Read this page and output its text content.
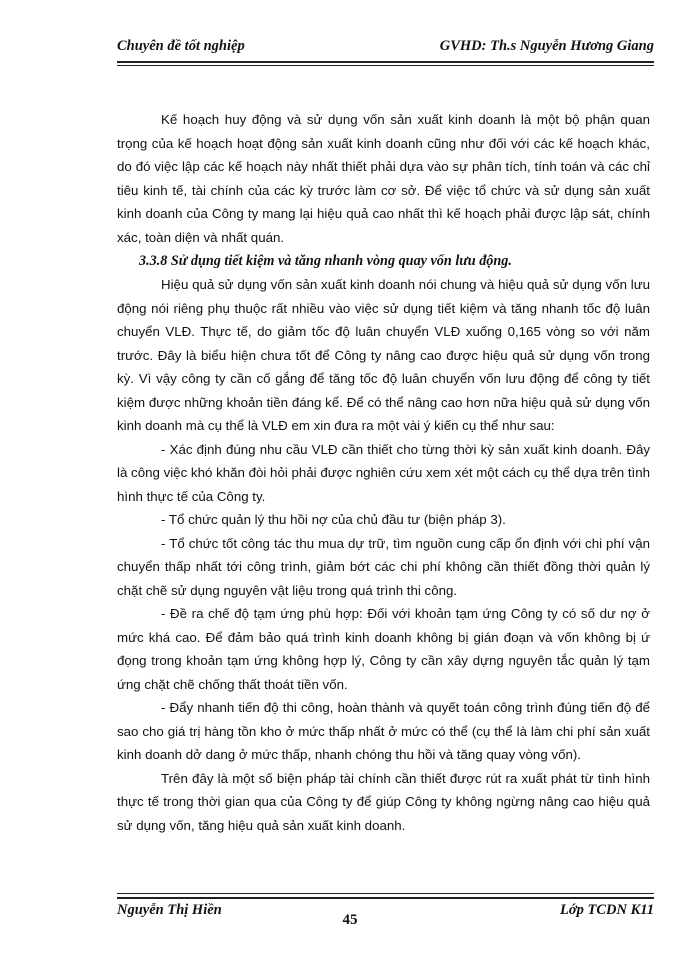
Chuyên đề tốt nghiệp	GVHD: Th.s Nguyễn Hương Giang

Kế hoạch huy động và sử dụng vốn sản xuất kinh doanh là một bộ phận quan trọng của kế hoạch hoạt động sản xuất kinh doanh cũng như đối với các kế hoạch khác, do đó việc lập các kế hoạch này nhất thiết phải dựa vào sự phân tích, tính toán và các chỉ tiêu kinh tế, tài chính của các kỳ trước làm cơ sở. Để việc tổ chức và sử dụng sản xuất kinh doanh của Công ty mang lại hiệu quả cao nhất thì kế hoạch phải được lập sát, chính xác, toàn diện và nhất quán.

3.3.8 Sử dụng tiết kiệm và tăng nhanh vòng quay vốn lưu động.

Hiệu quả sử dụng vốn sản xuất kinh doanh nói chung và hiệu quả sử dụng vốn lưu động nói riêng phụ thuộc rất nhiều vào việc sử dụng tiết kiệm và tăng nhanh tốc độ luân chuyển VLĐ. Thực tế, do giảm tốc độ luân chuyển VLĐ xuống 0,165 vòng so với năm trước. Đây là biểu hiện chưa tốt để Công ty nâng cao được hiệu quả sử dụng vốn trong kỳ. Vì vậy công ty cần cố gắng để tăng tốc độ luân chuyển vốn lưu động để công ty tiết kiệm được những khoản tiền đáng kể. Để có thể nâng cao hơn nữa hiệu quả sử dụng vốn kinh doanh mà cụ thể là VLĐ em xin đưa ra một vài ý kiến cụ thể như sau:

- Xác định đúng nhu cầu VLĐ cần thiết cho từng thời kỳ sản xuất kinh doanh. Đây là công việc khó khăn đòi hỏi phải được nghiên cứu xem xét một cách cụ thể dựa trên tình hình thực tế của Công ty.

- Tổ chức quản lý thu hồi nợ của chủ đầu tư (biện pháp 3).

- Tổ chức tốt công tác thu mua dự trữ, tìm nguồn cung cấp ổn định với chi phí vận chuyển thấp nhất tới công trình, giảm bớt các chi phí không cần thiết đồng thời quản lý chặt chẽ sử dụng nguyên vật liệu trong quá trình thi công.

- Đề ra chế độ tạm ứng phù hợp: Đối với khoản tạm ứng Công ty có số dư nợ ở mức khá cao. Để đảm bảo quá trình kinh doanh không bị gián đoạn và vốn không bị ứ đọng trong khoản tạm ứng không hợp lý, Công ty cần xây dựng nguyên tắc quản lý tạm ứng chặt chẽ chống thất thoát tiền vốn.

- Đẩy nhanh tiến độ thi công, hoàn thành và quyết toán công trình đúng tiến độ để sao cho giá trị hàng tồn kho ở mức thấp nhất ở mức có thể (cụ thể là làm chi phí sản xuất kinh doanh dở dang ở mức thấp, nhanh chóng thu hồi và tăng quay vòng vốn).

Trên đây là một số biện pháp tài chính cần thiết được rút ra xuất phát từ tình hình thực tế trong thời gian qua của Công ty để giúp Công ty không ngừng nâng cao hiệu quả sử dụng vốn, tăng hiệu quả sản xuất kinh doanh.

Nguyễn Thị Hiền	Lớp TCDN K11
45
